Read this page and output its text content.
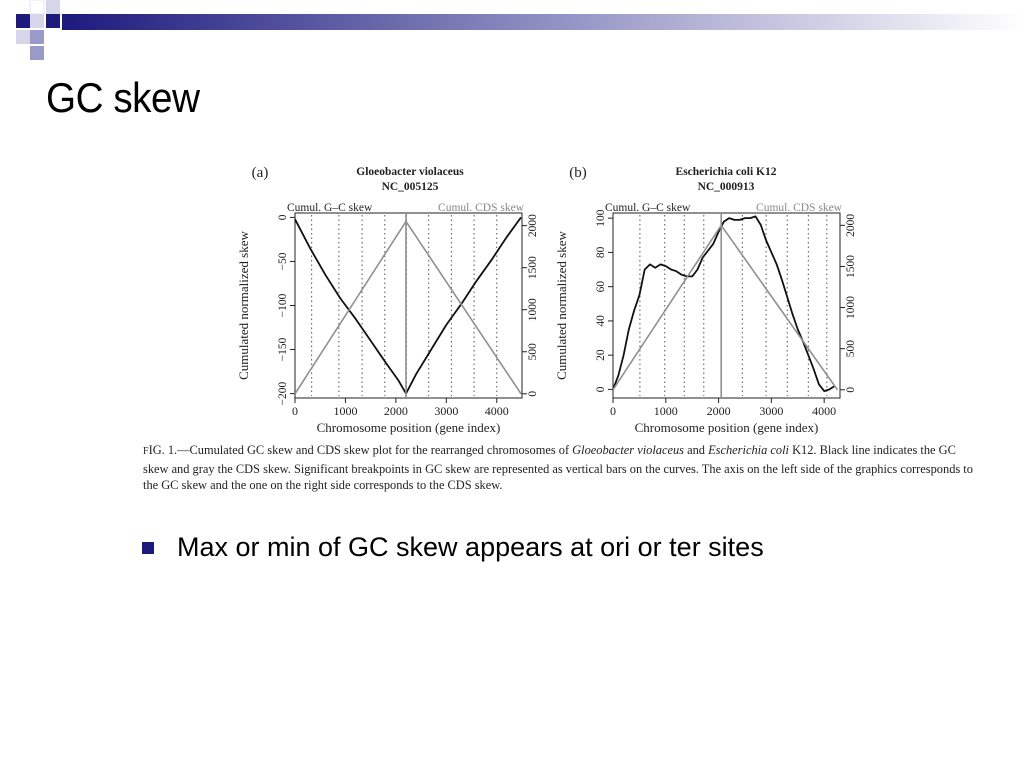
GC skew
(a)	Gloeobacter violaceus
NC_005125
Cumul. G–C skew	Cumul. CDS skew
0	1000 2000 3000 4000
Chromosome position (gene index)
0
−50
−100
−150
−200
Cumulated normalized skew
0
500
1000
1500
2000
(b)	Escherichia coli K12
NC_000913
Cumul. G–C skew	Cumul. CDS skew
0	1000 2000 3000 4000
Chromosome position (gene index)
0
20
40
60
80
100
Cumulated normalized skew
0
500
1000
1500
2000

FIG. 1.—Cumulated GC skew and CDS skew plot for the rearranged chromosomes of Gloeobacter violaceus and Escherichia coli K12. Black line indicates the GC skew and gray the CDS skew. Significant breakpoints in GC skew are represented as vertical bars on the curves. The axis on the left side of the graphics corresponds to the GC skew and the one on the right side corresponds to the CDS skew.

Max or min of GC skew appears at ori or ter sites
